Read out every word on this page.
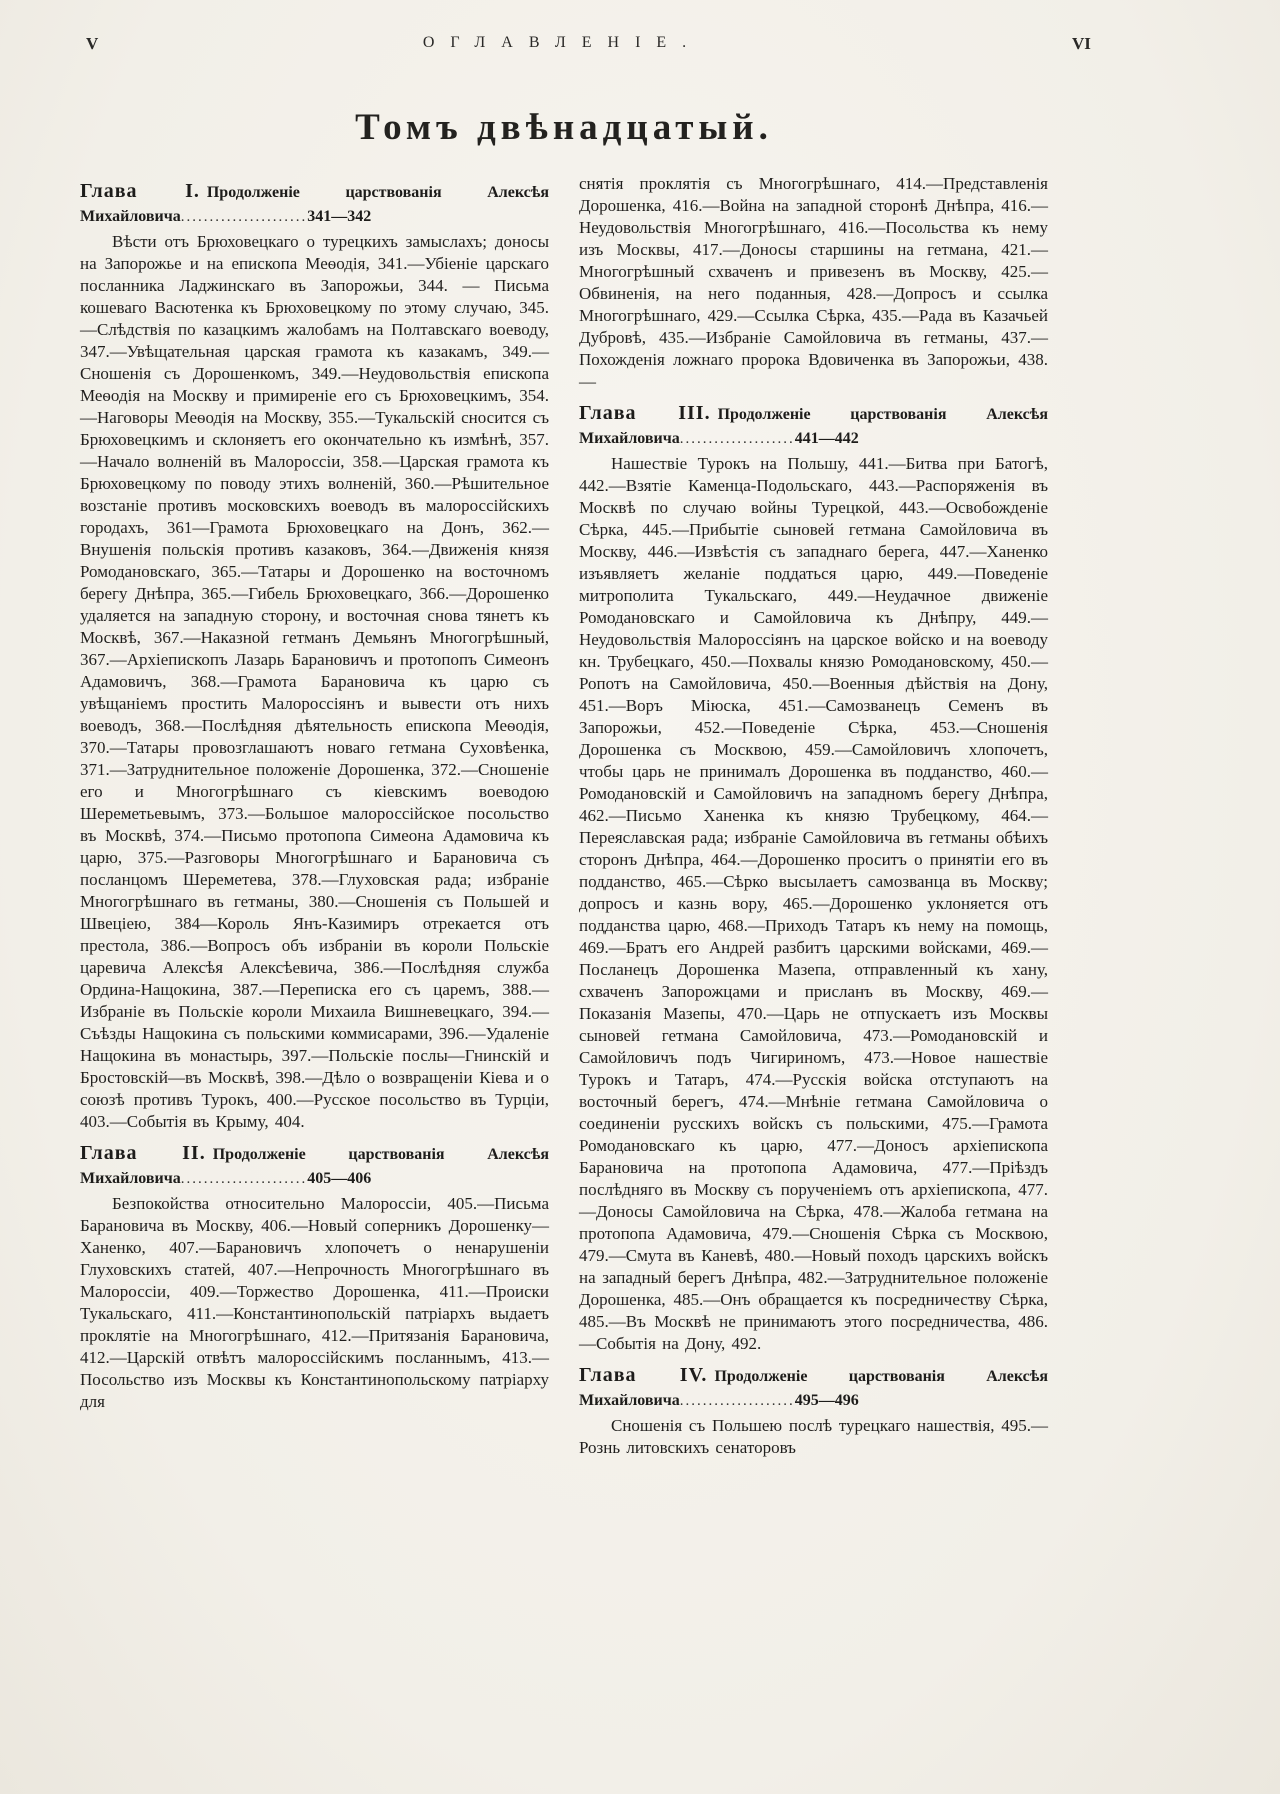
V	ОГЛАВЛЕНІЕ.	VI
Томъ двѣнадцатый.

Глава I. Продолженіе царствованія Алексѣя Михайловича......................341—342

Вѣсти отъ Брюховецкаго о турецкихъ замыслахъ; доносы на Запорожье и на епископа Меѳодія, 341.—Убіеніе царскаго посланника Ладжинскаго въ Запорожьи, 344. — Письма кошеваго Васютенка къ Брюховецкому по этому случаю, 345.—Слѣдствія по казацкимъ жалобамъ на Полтавскаго воеводу, 347.—Увѣщательная царская грамота къ казакамъ, 349.—Сношенія съ Дорошенкомъ, 349.—Неудовольствія епископа Меѳодія на Москву и примиреніе его съ Брюховецкимъ, 354.—Наговоры Меѳодія на Москву, 355.—Тукальскій сносится съ Брюховецкимъ и склоняетъ его окончательно къ измѣнѣ, 357.—Начало волненій въ Малороссіи, 358.—Царская грамота къ Брюховецкому по поводу этихъ волненій, 360.—Рѣшительное возстаніе противъ московскихъ воеводъ въ малороссійскихъ городахъ, 361—Грамота Брюховецкаго на Донъ, 362.—Внушенія польскія противъ казаковъ, 364.—Движенія князя Ромодановскаго, 365.—Татары и Дорошенко на восточномъ берегу Днѣпра, 365.—Гибель Брюховецкаго, 366.—Дорошенко удаляется на западную сторону, и восточная снова тянетъ къ Москвѣ, 367.—Наказной гетманъ Демьянъ Многогрѣшный, 367.—Архіепископъ Лазарь Барановичъ и протопопъ Симеонъ Адамовичъ, 368.—Грамота Барановича къ царю съ увѣщаніемъ простить Малороссіянъ и вывести отъ нихъ воеводъ, 368.—Послѣдняя дѣятельность епископа Меѳодія, 370.—Татары провозглашаютъ новаго гетмана Суховѣенка, 371.—Затруднительное положеніе Дорошенка, 372.—Сношеніе его и Многогрѣшнаго съ кіевскимъ воеводою Шереметьевымъ, 373.—Большое малороссійское посольство въ Москвѣ, 374.—Письмо протопопа Симеона Адамовича къ царю, 375.—Разговоры Многогрѣшнаго и Барановича съ посланцомъ Шереметева, 378.—Глуховская рада; избраніе Многогрѣшнаго въ гетманы, 380.—Сношенія съ Польшей и Швеціею, 384—Король Янъ-Казимиръ отрекается отъ престола, 386.—Вопросъ объ избраніи въ короли Польскіе царевича Алексѣя Алексѣевича, 386.—Послѣдняя служба Ордина-Нащокина, 387.—Переписка его съ царемъ, 388.—Избраніе въ Польскіе короли Михаила Вишневецкаго, 394.—Съѣзды Нащокина съ польскими коммисарами, 396.—Удаленіе Нащокина въ монастырь, 397.—Польскіе послы—Гнинскій и Бростовскій—въ Москвѣ, 398.—Дѣло о возвращеніи Кіева и о союзѣ противъ Турокъ, 400.—Русское посольство въ Турціи, 403.—Событія въ Крыму, 404.

Глава II. Продолженіе царствованія Алексѣя Михайловича......................405—406

Безпокойства относительно Малороссіи, 405.—Письма Барановича въ Москву, 406.—Новый соперникъ Дорошенку—Ханенко, 407.—Барановичъ хлопочетъ о ненарушеніи Глуховскихъ статей, 407.—Непрочность Многогрѣшнаго въ Малороссіи, 409.—Торжество Дорошенка, 411.—Происки Тукальскаго, 411.—Константинопольскій патріархъ выдаетъ проклятіе на Многогрѣшнаго, 412.—Притязанія Барановича, 412.—Царскій отвѣтъ малороссійскимъ посланнымъ, 413.—Посольство изъ Москвы къ Константинопольскому патріарху для

снятія проклятія съ Многогрѣшнаго, 414.—Представленія Дорошенка, 416.—Война на западной сторонѣ Днѣпра, 416.—Неудовольствія Многогрѣшнаго, 416.—Посольства къ нему изъ Москвы, 417.—Доносы старшины на гетмана, 421.—Многогрѣшный схваченъ и привезенъ въ Москву, 425.—Обвиненія, на него поданныя, 428.—Допросъ и ссылка Многогрѣшнаго, 429.—Ссылка Сѣрка, 435.—Рада въ Казачьей Дубровѣ, 435.—Избраніе Самойловича въ гетманы, 437.—Похожденія ложнаго пророка Вдовиченка въ Запорожьи, 438.—

Глава III. Продолженіе царствованія Алексѣя Михайловича....................441—442

Нашествіе Турокъ на Польшу, 441.—Битва при Батогѣ, 442.—Взятіе Каменца-Подольскаго, 443.—Распоряженія въ Москвѣ по случаю войны Турецкой, 443.—Освобожденіе Сѣрка, 445.—Прибытіе сыновей гетмана Самойловича въ Москву, 446.—Извѣстія съ западнаго берега, 447.—Ханенко изъявляетъ желаніе поддаться царю, 449.—Поведеніе митрополита Тукальскаго, 449.—Неудачное движеніе Ромодановскаго и Самойловича къ Днѣпру, 449.—Неудовольствія Малороссіянъ на царское войско и на воеводу кн. Трубецкаго, 450.—Похвалы князю Ромодановскому, 450.—Ропотъ на Самойловича, 450.—Военныя дѣйствія на Дону, 451.—Воръ Міюска, 451.—Самозванецъ Семенъ въ Запорожьи, 452.—Поведеніе Сѣрка, 453.—Сношенія Дорошенка съ Москвою, 459.—Самойловичъ хлопочетъ, чтобы царь не принималъ Дорошенка въ подданство, 460.—Ромодановскій и Самойловичъ на западномъ берегу Днѣпра, 462.—Письмо Ханенка къ князю Трубецкому, 464.—Переяславская рада; избраніе Самойловича въ гетманы обѣихъ сторонъ Днѣпра, 464.—Дорошенко проситъ о принятіи его въ подданство, 465.—Сѣрко высылаетъ самозванца въ Москву; допросъ и казнь вору, 465.—Дорошенко уклоняется отъ подданства царю, 468.—Приходъ Татаръ къ нему на помощь, 469.—Братъ его Андрей разбитъ царскими войсками, 469.—Посланецъ Дорошенка Мазепа, отправленный къ хану, схваченъ Запорожцами и присланъ въ Москву, 469.—Показанія Мазепы, 470.—Царь не отпускаетъ изъ Москвы сыновей гетмана Самойловича, 473.—Ромодановскій и Самойловичъ подъ Чигириномъ, 473.—Новое нашествіе Турокъ и Татаръ, 474.—Русскія войска отступаютъ на восточный берегъ, 474.—Мнѣніе гетмана Самойловича о соединеніи русскихъ войскъ съ польскими, 475.—Грамота Ромодановскаго къ царю, 477.—Доносъ архіепископа Барановича на протопопа Адамовича, 477.—Пріѣздъ послѣдняго въ Москву съ порученіемъ отъ архіепископа, 477.—Доносы Самойловича на Сѣрка, 478.—Жалоба гетмана на протопопа Адамовича, 479.—Сношенія Сѣрка съ Москвою, 479.—Смута въ Каневѣ, 480.—Новый походъ царскихъ войскъ на западный берегъ Днѣпра, 482.—Затруднительное положеніе Дорошенка, 485.—Онъ обращается къ посредничеству Сѣрка, 485.—Въ Москвѣ не принимаютъ этого посредничества, 486.—Событія на Дону, 492.

Глава IV. Продолженіе царствованія Алексѣя Михайловича....................495—496

Сношенія съ Польшею послѣ турецкаго нашествія, 495.—Рознь литовскихъ сенаторовъ
